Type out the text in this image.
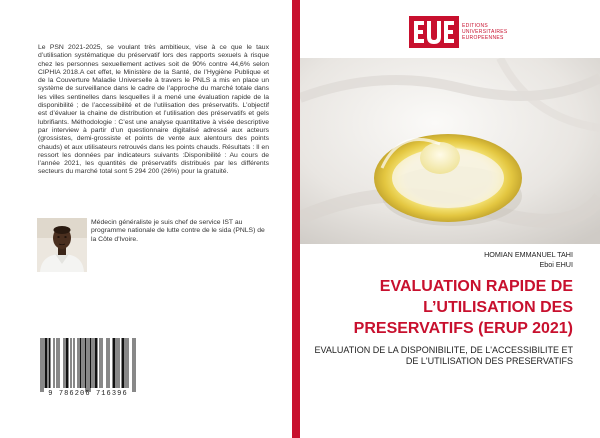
Le PSN 2021-2025, se voulant très ambitieux, vise à ce que le taux d’utilisation systématique du préservatif lors des rapports sexuels à risque chez les personnes sexuellement actives soit de 90% contre 44,6% selon CIPHIA 2018.A cet effet, le Ministère de la Santé, de l’Hygiène Publique et de la Couverture Maladie Universelle à travers le PNLS a mis en place un système de surveillance dans le cadre de l’approche du marché totale dans les villes sentinelles dans lesquelles il a mené une évaluation rapide de la disponibilité ; de l’accessibilité et de l’utilisation des préservatifs. L’objectif est d’évaluer la chaine de distribution et l’utilisation des préservatifs et gels lubrifiants. Méthodologie : C’est une analyse quantitative à visée descriptive par interview à partir d’un questionnaire digitalisé adressé aux acteurs (grossistes, demi-grossiste et points de vente aux alentours des points chauds) et aux utilisateurs retrouvés dans les points chauds. Résultats : Il en ressort les données par indicateurs suivants :Disponibilité : Au cours de l’année 2021, les quantités de préservatifs distribués par les différents secteurs du marché total sont 5 294 200 (26%) pour la gratuité.

Médecin généraliste je suis chef de service IST au programme nationale de lutte contre de le sida (PNLS) de la Côte d'Ivoire.

9 786206 716396
EDITIONS
UNIVERSITAIRES
EUROPEENNES
HOMIAN EMMANUEL TAHI
Eboi EHUI
EVALUATION RAPIDE DE L’UTILISATION DES PRESERVATIFS (ERUP 2021)

EVALUATION DE LA DISPONIBILITE, DE L'ACCESSIBILITE ET DE L'UTILISATION DES PRESERVATIFS
